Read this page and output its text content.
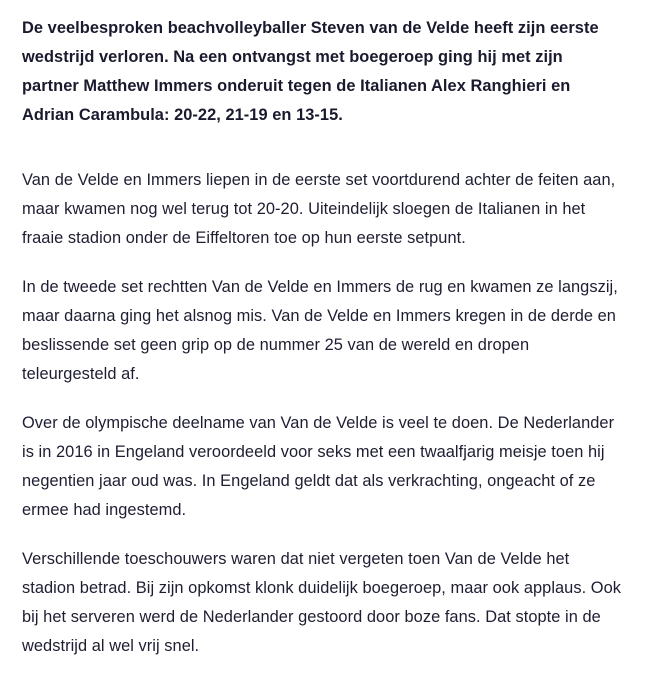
De veelbesproken beachvolleyballer Steven van de Velde heeft zijn eerste wedstrijd verloren. Na een ontvangst met boegeroep ging hij met zijn partner Matthew Immers onderuit tegen de Italianen Alex Ranghieri en Adrian Carambula: 20-22, 21-19 en 13-15.

Van de Velde en Immers liepen in de eerste set voortdurend achter de feiten aan, maar kwamen nog wel terug tot 20-20. Uiteindelijk sloegen de Italianen in het fraaie stadion onder de Eiffeltoren toe op hun eerste setpunt.

In de tweede set rechtten Van de Velde en Immers de rug en kwamen ze langszij, maar daarna ging het alsnog mis. Van de Velde en Immers kregen in de derde en beslissende set geen grip op de nummer 25 van de wereld en dropen teleurgesteld af.

Over de olympische deelname van Van de Velde is veel te doen. De Nederlander is in 2016 in Engeland veroordeeld voor seks met een twaalfjarig meisje toen hij negentien jaar oud was. In Engeland geldt dat als verkrachting, ongeacht of ze ermee had ingestemd.

Verschillende toeschouwers waren dat niet vergeten toen Van de Velde het stadion betrad. Bij zijn opkomst klonk duidelijk boegeroep, maar ook applaus. Ook bij het serveren werd de Nederlander gestoord door boze fans. Dat stopte in de wedstrijd al wel vrij snel.
